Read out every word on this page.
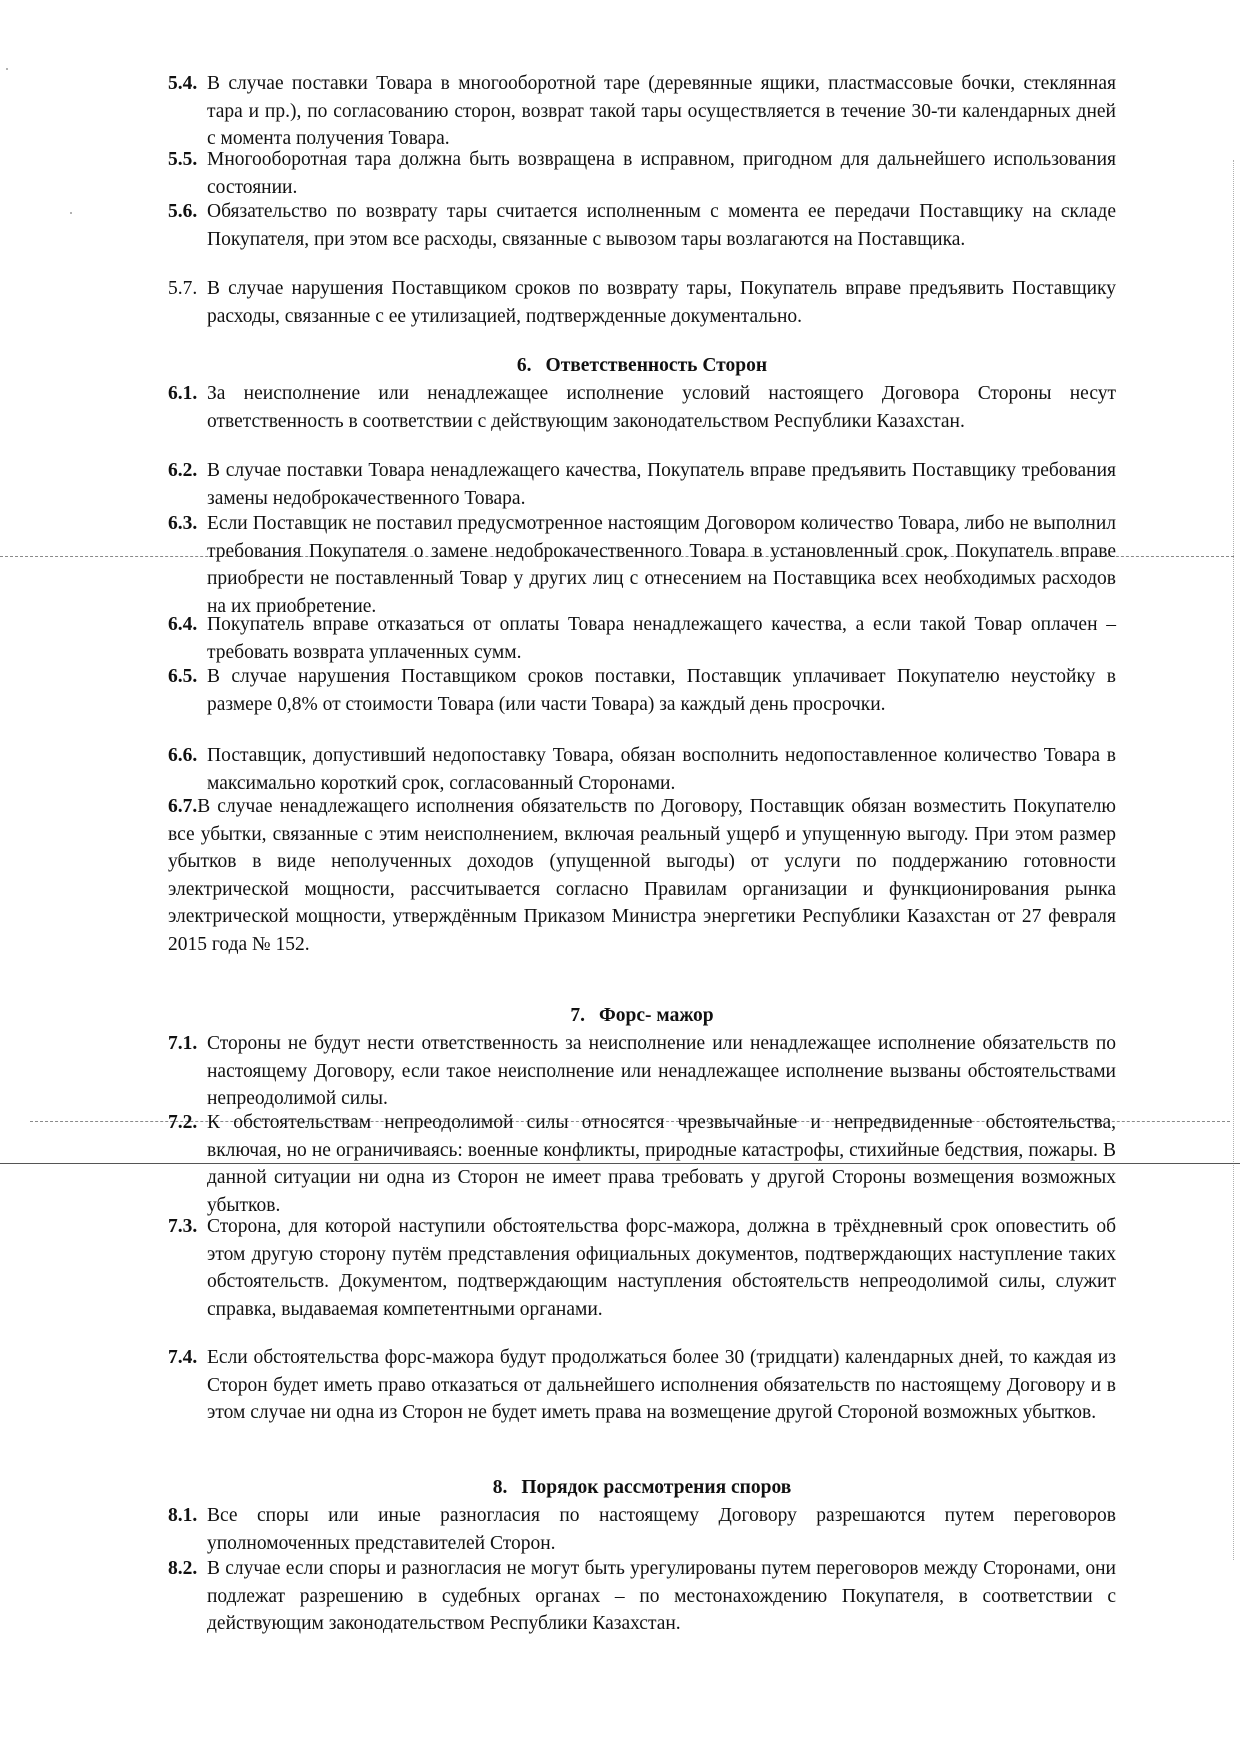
5.4. В случае поставки Товара в многооборотной таре (деревянные ящики, пластмассовые бочки, стеклянная тара и пр.), по согласованию сторон, возврат такой тары осуществляется в течение 30-ти календарных дней с момента получения Товара.
5.5. Многооборотная тара должна быть возвращена в исправном, пригодном для дальнейшего использования состоянии.
5.6. Обязательство по возврату тары считается исполненным с момента ее передачи Поставщику на складе Покупателя, при этом все расходы, связанные с вывозом тары возлагаются на Поставщика.
5.7. В случае нарушения Поставщиком сроков по возврату тары, Покупатель вправе предъявить Поставщику расходы, связанные с ее утилизацией, подтвержденные документально.
6. Ответственность Сторон
6.1. За неисполнение или ненадлежащее исполнение условий настоящего Договора Стороны несут ответственность в соответствии с действующим законодательством Республики Казахстан.
6.2. В случае поставки Товара ненадлежащего качества, Покупатель вправе предъявить Поставщику требования замены недоброкачественного Товара.
6.3. Если Поставщик не поставил предусмотренное настоящим Договором количество Товара, либо не выполнил требования Покупателя о замене недоброкачественного Товара в установленный срок, Покупатель вправе приобрести не поставленный Товар у других лиц с отнесением на Поставщика всех необходимых расходов на их приобретение.
6.4. Покупатель вправе отказаться от оплаты Товара ненадлежащего качества, а если такой Товар оплачен – требовать возврата уплаченных сумм.
6.5. В случае нарушения Поставщиком сроков поставки, Поставщик уплачивает Покупателю неустойку в размере 0,8% от стоимости Товара (или части Товара) за каждый день просрочки.
6.6. Поставщик, допустивший недопоставку Товара, обязан восполнить недопоставленное количество Товара в максимально короткий срок, согласованный Сторонами.
6.7.В случае ненадлежащего исполнения обязательств по Договору, Поставщик обязан возместить Покупателю все убытки, связанные с этим неисполнением, включая реальный ущерб и упущенную выгоду. При этом размер убытков в виде неполученных доходов (упущенной выгоды) от услуги по поддержанию готовности электрической мощности, рассчитывается согласно Правилам организации и функционирования рынка электрической мощности, утверждённым Приказом Министра энергетики Республики Казахстан от 27 февраля 2015 года № 152.
7. Форс- мажор
7.1. Стороны не будут нести ответственность за неисполнение или ненадлежащее исполнение обязательств по настоящему Договору, если такое неисполнение или ненадлежащее исполнение вызваны обстоятельствами непреодолимой силы.
7.2. К обстоятельствам непреодолимой силы относятся чрезвычайные и непредвиденные обстоятельства, включая, но не ограничиваясь: военные конфликты, природные катастрофы, стихийные бедствия, пожары. В данной ситуации ни одна из Сторон не имеет права требовать у другой Стороны возмещения возможных убытков.
7.3. Сторона, для которой наступили обстоятельства форс-мажора, должна в трёхдневный срок оповестить об этом другую сторону путём представления официальных документов, подтверждающих наступление таких обстоятельств. Документом, подтверждающим наступления обстоятельств непреодолимой силы, служит справка, выдаваемая компетентными органами.
7.4. Если обстоятельства форс-мажора будут продолжаться более 30 (тридцати) календарных дней, то каждая из Сторон будет иметь право отказаться от дальнейшего исполнения обязательств по настоящему Договору и в этом случае ни одна из Сторон не будет иметь права на возмещение другой Стороной возможных убытков.
8. Порядок рассмотрения споров
8.1. Все споры или иные разногласия по настоящему Договору разрешаются путем переговоров уполномоченных представителей Сторон.
8.2. В случае если споры и разногласия не могут быть урегулированы путем переговоров между Сторонами, они подлежат разрешению в судебных органах – по местонахождению Покупателя, в соответствии с действующим законодательством Республики Казахстан.
